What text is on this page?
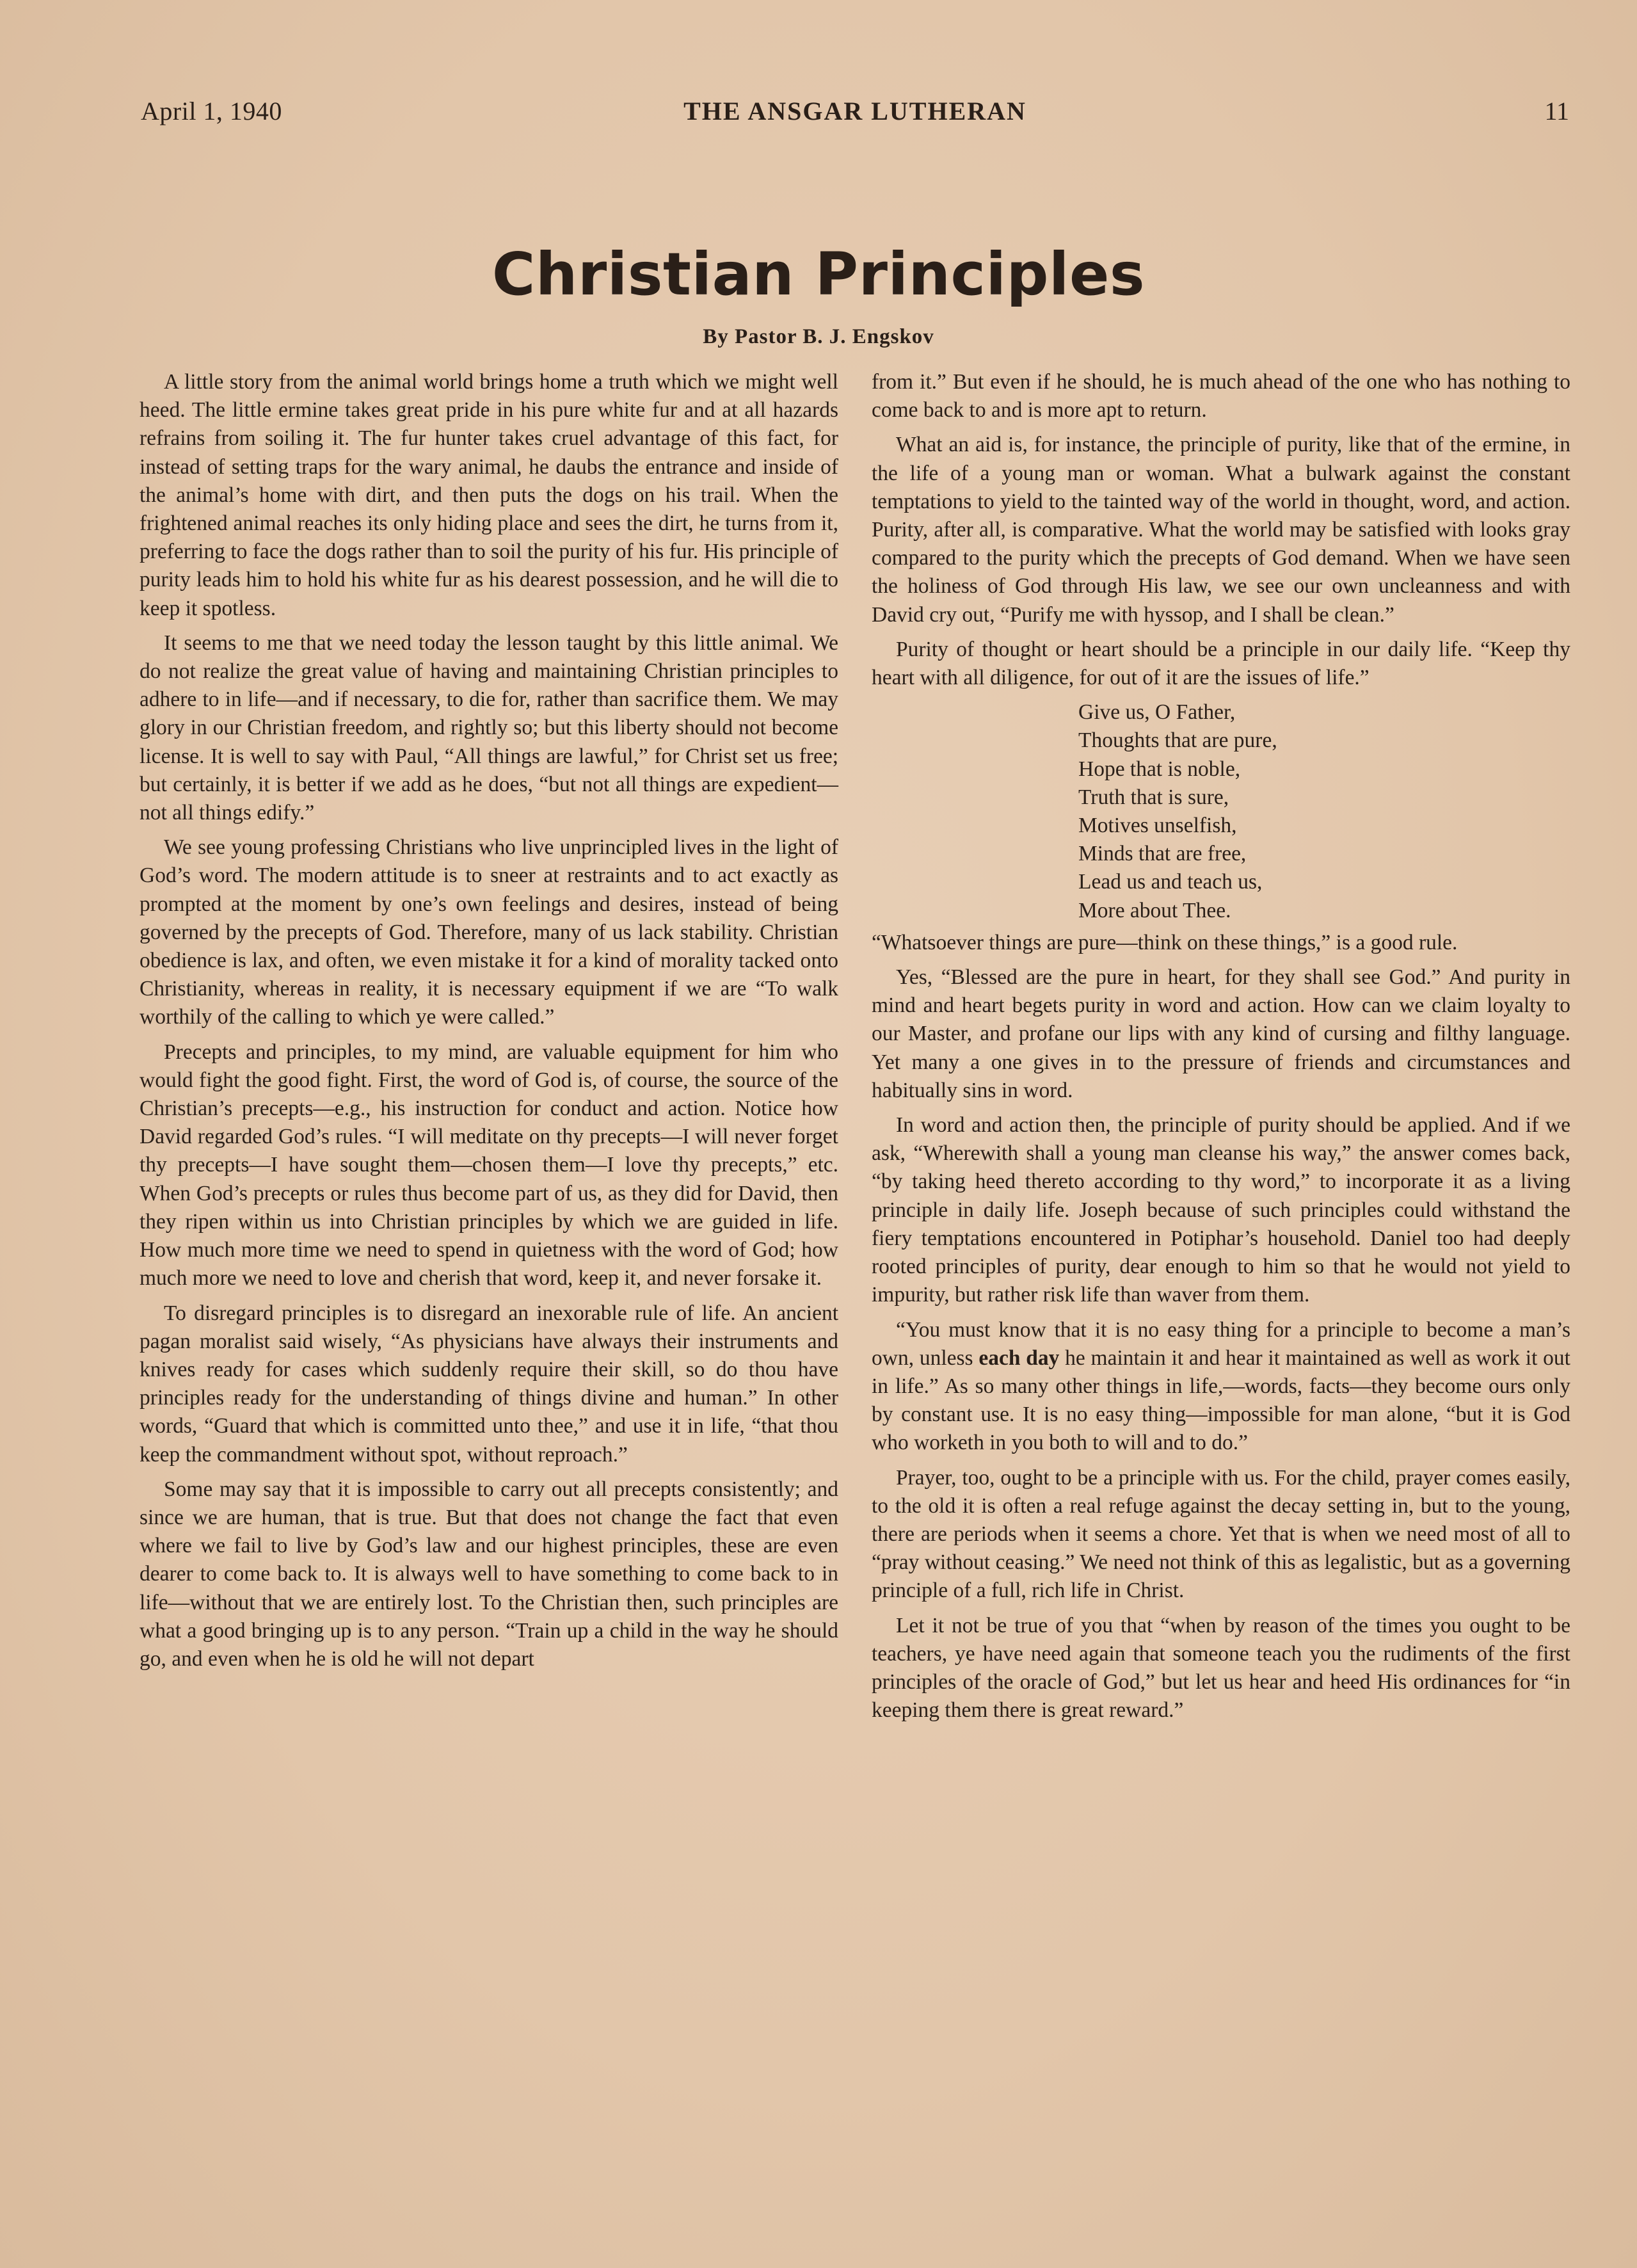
April 1, 1940	THE ANSGAR LUTHERAN	11
Christian Principles
By Pastor B. J. Engskov

A little story from the animal world brings home a truth which we might well heed. The little ermine takes great pride in his pure white fur and at all hazards refrains from soiling it. The fur hunter takes cruel advantage of this fact, for instead of setting traps for the wary animal, he daubs the entrance and inside of the animal’s home with dirt, and then puts the dogs on his trail. When the frightened animal reaches its only hiding place and sees the dirt, he turns from it, preferring to face the dogs rather than to soil the purity of his fur. His principle of purity leads him to hold his white fur as his dearest possession, and he will die to keep it spotless.

It seems to me that we need today the lesson taught by this little animal. We do not realize the great value of having and maintaining Christian principles to adhere to in life—and if necessary, to die for, rather than sacrifice them. We may glory in our Christian freedom, and rightly so; but this liberty should not become license. It is well to say with Paul, “All things are lawful,” for Christ set us free; but certainly, it is better if we add as he does, “but not all things are expedient—not all things edify.”

We see young professing Christians who live unprincipled lives in the light of God’s word. The modern attitude is to sneer at restraints and to act exactly as prompted at the moment by one’s own feelings and desires, instead of being governed by the precepts of God. Therefore, many of us lack stability. Christian obedience is lax, and often, we even mistake it for a kind of morality tacked onto Christianity, whereas in reality, it is necessary equipment if we are “To walk worthily of the calling to which ye were called.”

Precepts and principles, to my mind, are valuable equipment for him who would fight the good fight. First, the word of God is, of course, the source of the Christian’s precepts—e.g., his instruction for conduct and action. Notice how David regarded God’s rules. “I will meditate on thy precepts—I will never forget thy precepts—I have sought them—chosen them—I love thy precepts,” etc. When God’s precepts or rules thus become part of us, as they did for David, then they ripen within us into Christian principles by which we are guided in life. How much more time we need to spend in quietness with the word of God; how much more we need to love and cherish that word, keep it, and never forsake it.

To disregard principles is to disregard an inexorable rule of life. An ancient pagan moralist said wisely, “As physicians have always their instruments and knives ready for cases which suddenly require their skill, so do thou have principles ready for the understanding of things divine and human.” In other words, “Guard that which is committed unto thee,” and use it in life, “that thou keep the commandment without spot, without reproach.”

Some may say that it is impossible to carry out all precepts consistently; and since we are human, that is true. But that does not change the fact that even where we fail to live by God’s law and our highest principles, these are even dearer to come back to. It is always well to have something to come back to in life—without that we are entirely lost. To the Christian then, such principles are what a good bringing up is to any person. “Train up a child in the way he should go, and even when he is old he will not depart

from it.” But even if he should, he is much ahead of the one who has nothing to come back to and is more apt to return.

What an aid is, for instance, the principle of purity, like that of the ermine, in the life of a young man or woman. What a bulwark against the constant temptations to yield to the tainted way of the world in thought, word, and action. Purity, after all, is comparative. What the world may be satisfied with looks gray compared to the purity which the precepts of God demand. When we have seen the holiness of God through His law, we see our own uncleanness and with David cry out, “Purify me with hyssop, and I shall be clean.”

Purity of thought or heart should be a principle in our daily life. “Keep thy heart with all diligence, for out of it are the issues of life.”

Give us, O Father,
Thoughts that are pure,
Hope that is noble,
Truth that is sure,
Motives unselfish,
Minds that are free,
Lead us and teach us,
More about Thee.

“Whatsoever things are pure—think on these things,” is a good rule.

Yes, “Blessed are the pure in heart, for they shall see God.” And purity in mind and heart begets purity in word and action. How can we claim loyalty to our Master, and profane our lips with any kind of cursing and filthy language. Yet many a one gives in to the pressure of friends and circumstances and habitually sins in word.

In word and action then, the principle of purity should be applied. And if we ask, “Wherewith shall a young man cleanse his way,” the answer comes back, “by taking heed thereto according to thy word,” to incorporate it as a living principle in daily life. Joseph because of such principles could withstand the fiery temptations encountered in Potiphar’s household. Daniel too had deeply rooted principles of purity, dear enough to him so that he would not yield to impurity, but rather risk life than waver from them.

“You must know that it is no easy thing for a principle to become a man’s own, unless each day he maintain it and hear it maintained as well as work it out in life.” As so many other things in life,—words, facts—they become ours only by constant use. It is no easy thing—impossible for man alone, “but it is God who worketh in you both to will and to do.”

Prayer, too, ought to be a principle with us. For the child, prayer comes easily, to the old it is often a real refuge against the decay setting in, but to the young, there are periods when it seems a chore. Yet that is when we need most of all to “pray without ceasing.” We need not think of this as legalistic, but as a governing principle of a full, rich life in Christ.

Let it not be true of you that “when by reason of the times you ought to be teachers, ye have need again that someone teach you the rudiments of the first principles of the oracle of God,” but let us hear and heed His ordinances for “in keeping them there is great reward.”
